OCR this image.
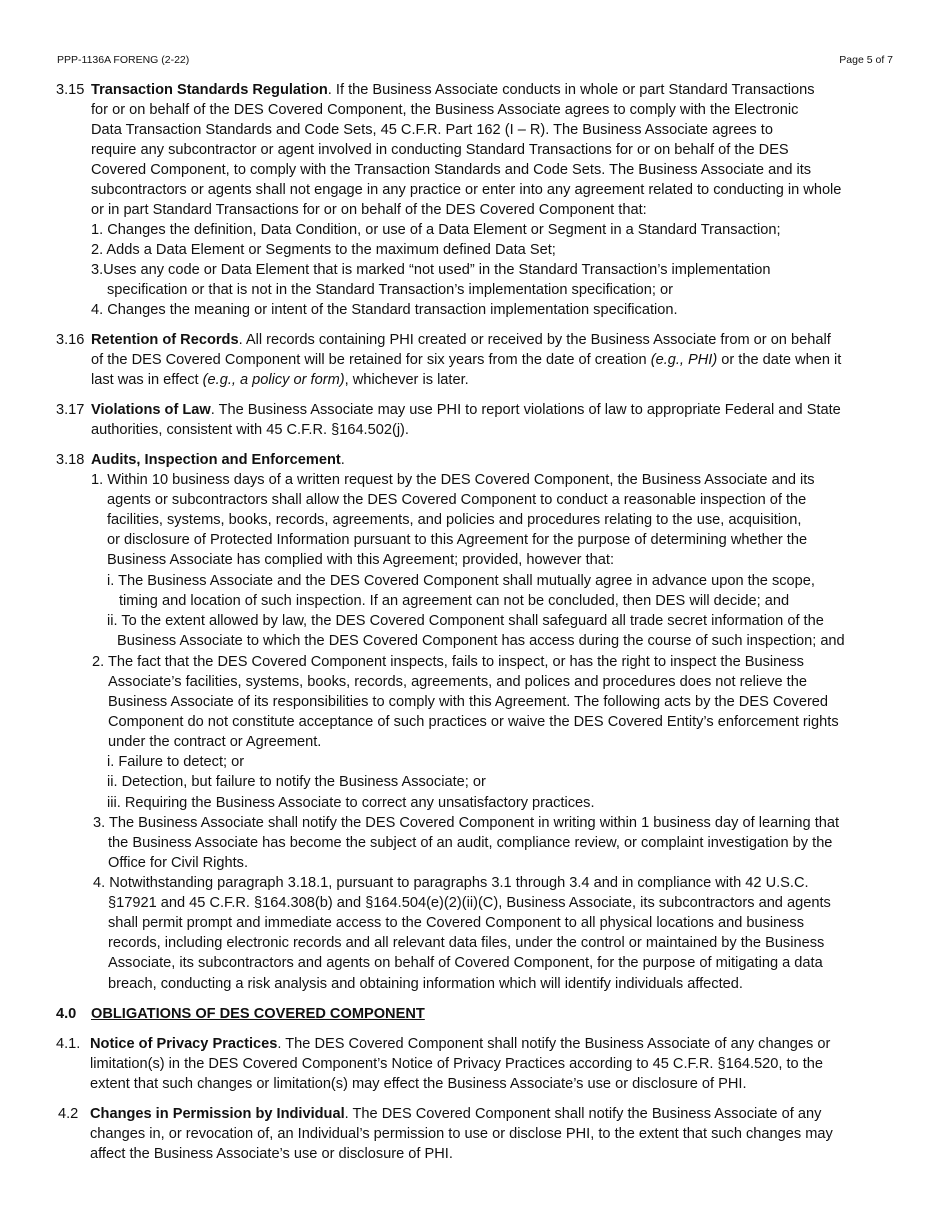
PPP-1136A FORENG (2-22)	Page 5 of 7
3.15 Transaction Standards Regulation. If the Business Associate conducts in whole or part Standard Transactions
for or on behalf of the DES Covered Component, the Business Associate agrees to comply with the Electronic
Data Transaction Standards and Code Sets, 45 C.F.R. Part 162 (I – R). The Business Associate agrees to
require any subcontractor or agent involved in conducting Standard Transactions for or on behalf of the DES
Covered Component, to comply with the Transaction Standards and Code Sets. The Business Associate and its
subcontractors or agents shall not engage in any practice or enter into any agreement related to conducting in whole
or in part Standard Transactions for or on behalf of the DES Covered Component that:
1. Changes the definition, Data Condition, or use of a Data Element or Segment in a Standard Transaction;
2. Adds a Data Element or Segments to the maximum defined Data Set;
3.Uses any code or Data Element that is marked “not used” in the Standard Transaction’s implementation
specification or that is not in the Standard Transaction’s implementation specification; or
4. Changes the meaning or intent of the Standard transaction implementation specification.
3.16 Retention of Records. All records containing PHI created or received by the Business Associate from or on behalf
of the DES Covered Component will be retained for six years from the date of creation (e.g., PHI) or the date when it
last was in effect (e.g., a policy or form), whichever is later.
3.17 Violations of Law. The Business Associate may use PHI to report violations of law to appropriate Federal and State
authorities, consistent with 45 C.F.R. §164.502(j).
3.18 Audits, Inspection and Enforcement.
1. Within 10 business days of a written request by the DES Covered Component, the Business Associate and its
agents or subcontractors shall allow the DES Covered Component to conduct a reasonable inspection of the
facilities, systems, books, records, agreements, and policies and procedures relating to the use, acquisition,
or disclosure of Protected Information pursuant to this Agreement for the purpose of determining whether the
Business Associate has complied with this Agreement; provided, however that:
i. The Business Associate and the DES Covered Component shall mutually agree in advance upon the scope,
timing and location of such inspection. If an agreement can not be concluded, then DES will decide; and
ii. To the extent allowed by law, the DES Covered Component shall safeguard all trade secret information of the
Business Associate to which the DES Covered Component has access during the course of such inspection; and
2. The fact that the DES Covered Component inspects, fails to inspect, or has the right to inspect the Business
Associate’s facilities, systems, books, records, agreements, and polices and procedures does not relieve the
Business Associate of its responsibilities to comply with this Agreement. The following acts by the DES Covered
Component do not constitute acceptance of such practices or waive the DES Covered Entity’s enforcement rights
under the contract or Agreement.
i. Failure to detect; or
ii. Detection, but failure to notify the Business Associate; or
iii. Requiring the Business Associate to correct any unsatisfactory practices.
3. The Business Associate shall notify the DES Covered Component in writing within 1 business day of learning that
the Business Associate has become the subject of an audit, compliance review, or complaint investigation by the
Office for Civil Rights.
4. Notwithstanding paragraph 3.18.1, pursuant to paragraphs 3.1 through 3.4 and in compliance with 42 U.S.C.
§17921 and 45 C.F.R. §164.308(b) and §164.504(e)(2)(ii)(C), Business Associate, its subcontractors and agents
shall permit prompt and immediate access to the Covered Component to all physical locations and business
records, including electronic records and all relevant data files, under the control or maintained by the Business
Associate, its subcontractors and agents on behalf of Covered Component, for the purpose of mitigating a data
breach, conducting a risk analysis and obtaining information which will identify individuals affected.
4.0 OBLIGATIONS OF DES COVERED COMPONENT
4.1. Notice of Privacy Practices. The DES Covered Component shall notify the Business Associate of any changes or
limitation(s) in the DES Covered Component’s Notice of Privacy Practices according to 45 C.F.R. §164.520, to the
extent that such changes or limitation(s) may effect the Business Associate’s use or disclosure of PHI.
4.2 Changes in Permission by Individual. The DES Covered Component shall notify the Business Associate of any
changes in, or revocation of, an Individual’s permission to use or disclose PHI, to the extent that such changes may
affect the Business Associate’s use or disclosure of PHI.
